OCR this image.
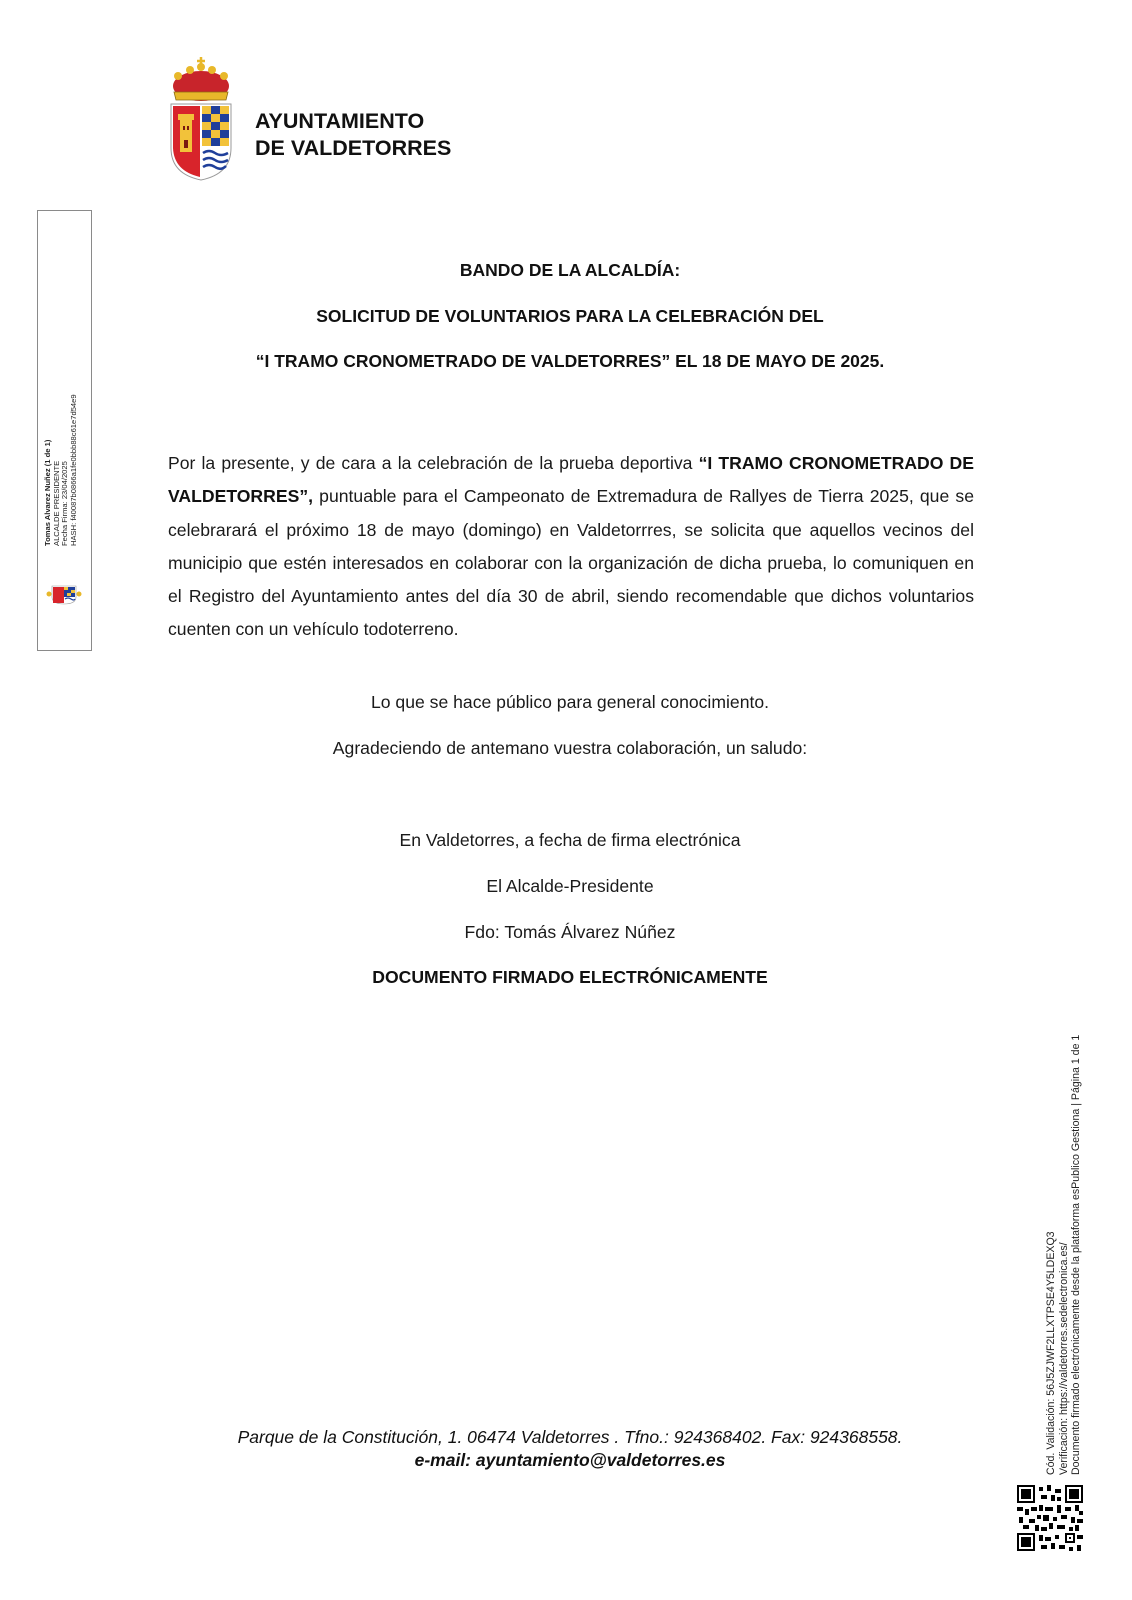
AYUNTAMIENTO
DE VALDETORRES
Tomas Alvarez Nuñez (1 de 1) ALCALDE PRESIDENTE Fecha Firma: 23/04/2025 HASH: f40087b0866a1fe0bbb88c61e7d54e9
BANDO DE LA ALCALDÍA:
SOLICITUD DE VOLUNTARIOS PARA LA CELEBRACIÓN DEL
“I TRAMO CRONOMETRADO DE VALDETORRES” EL 18 DE MAYO DE 2025.
Por la presente, y de cara a la celebración de la prueba deportiva “I TRAMO CRONOMETRADO DE VALDETORRES”, puntuable para el Campeonato de Extremadura de Rallyes de Tierra 2025, que se celebrarará el próximo 18 de mayo (domingo) en Valdetorrres, se solicita que aquellos vecinos del municipio que estén interesados en colaborar con la organización de dicha prueba, lo comuniquen en el Registro del Ayuntamiento antes del día 30 de abril, siendo recomendable que dichos voluntarios cuenten con un vehículo todoterreno.
Lo que se hace público para general conocimiento.
Agradeciendo de antemano vuestra colaboración, un saludo:
En Valdetorres, a fecha de firma electrónica
El Alcalde-Presidente
Fdo: Tomás Álvarez Núñez
DOCUMENTO FIRMADO ELECTRÓNICAMENTE
Parque de la Constitución, 1. 06474 Valdetorres . Tfno.: 924368402. Fax: 924368558.
e-mail: ayuntamiento@valdetorres.es	Cód. Validación: 56J5ZJWF2LLXTPSE4Y5LDEXQ3 Verificación: https://valdetorres.sedelectronica.es/ Documento firmado electrónicamente desde la plataforma esPublico Gestiona | Página 1 de 1
